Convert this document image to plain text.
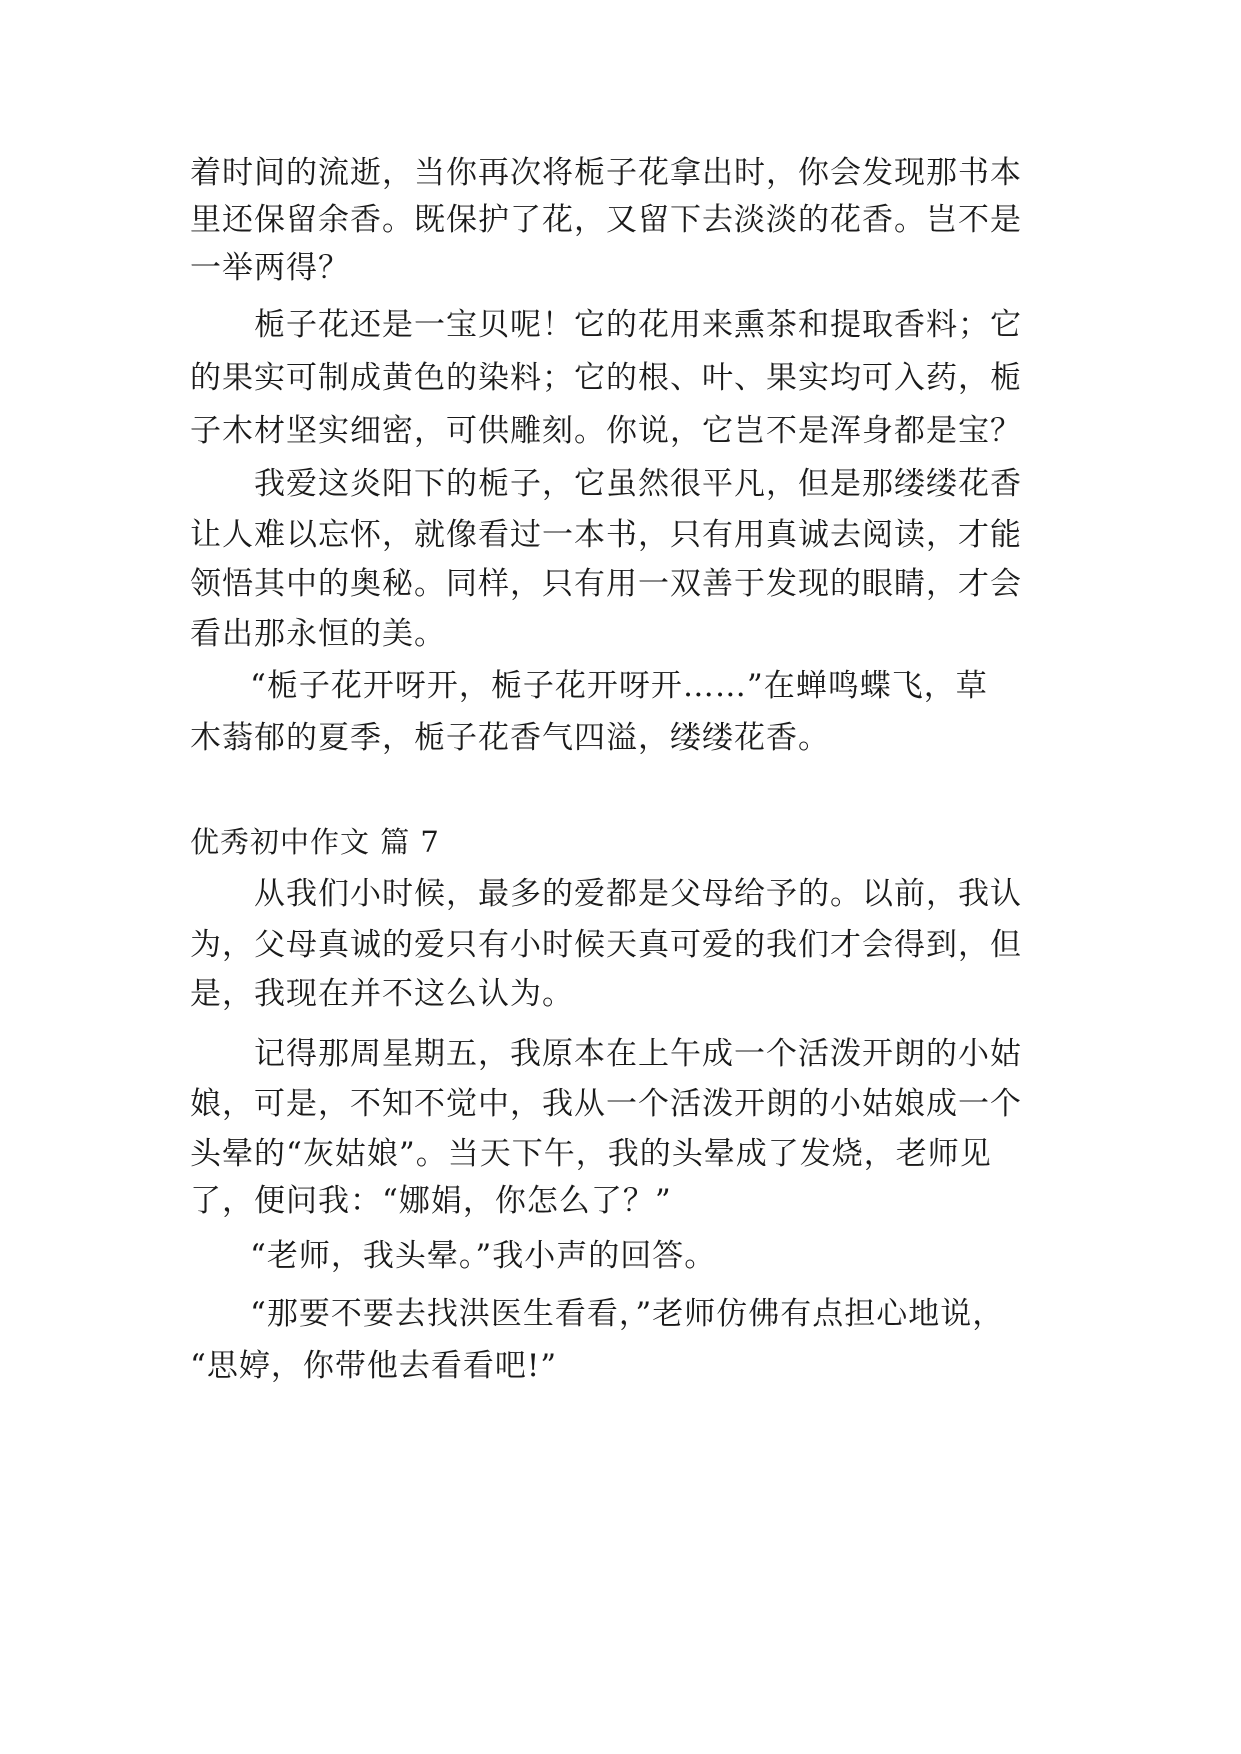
着时间的流逝，当你再次将栀子花拿出时，你会发现那书本
里还保留余香。既保护了花，又留下去淡淡的花香。岂不是
一举两得？
栀子花还是一宝贝呢！它的花用来熏茶和提取香料；它
的果实可制成黄色的染料；它的根、叶、果实均可入药，栀
子木材坚实细密，可供雕刻。你说，它岂不是浑身都是宝？
我爱这炎阳下的栀子，它虽然很平凡，但是那缕缕花香
让人难以忘怀，就像看过一本书，只有用真诚去阅读，才能
领悟其中的奥秘。同样，只有用一双善于发现的眼睛，才会
看出那永恒的美。
“栀子花开呀开，栀子花开呀开……”在蝉鸣蝶飞，草
木蓊郁的夏季，栀子花香气四溢，缕缕花香。
优秀初中作文 篇 7
从我们小时候，最多的爱都是父母给予的。以前，我认
为，父母真诚的爱只有小时候天真可爱的我们才会得到，但
是，我现在并不这么认为。
记得那周星期五，我原本在上午成一个活泼开朗的小姑
娘，可是，不知不觉中，我从一个活泼开朗的小姑娘成一个
头晕的“灰姑娘”。当天下午，我的头晕成了发烧，老师见
了，便问我：“娜娟，你怎么了？”
“老师，我头晕。”我小声的回答。
“那要不要去找洪医生看看，”老师仿佛有点担心地说，
“思婷，你带他去看看吧!”
